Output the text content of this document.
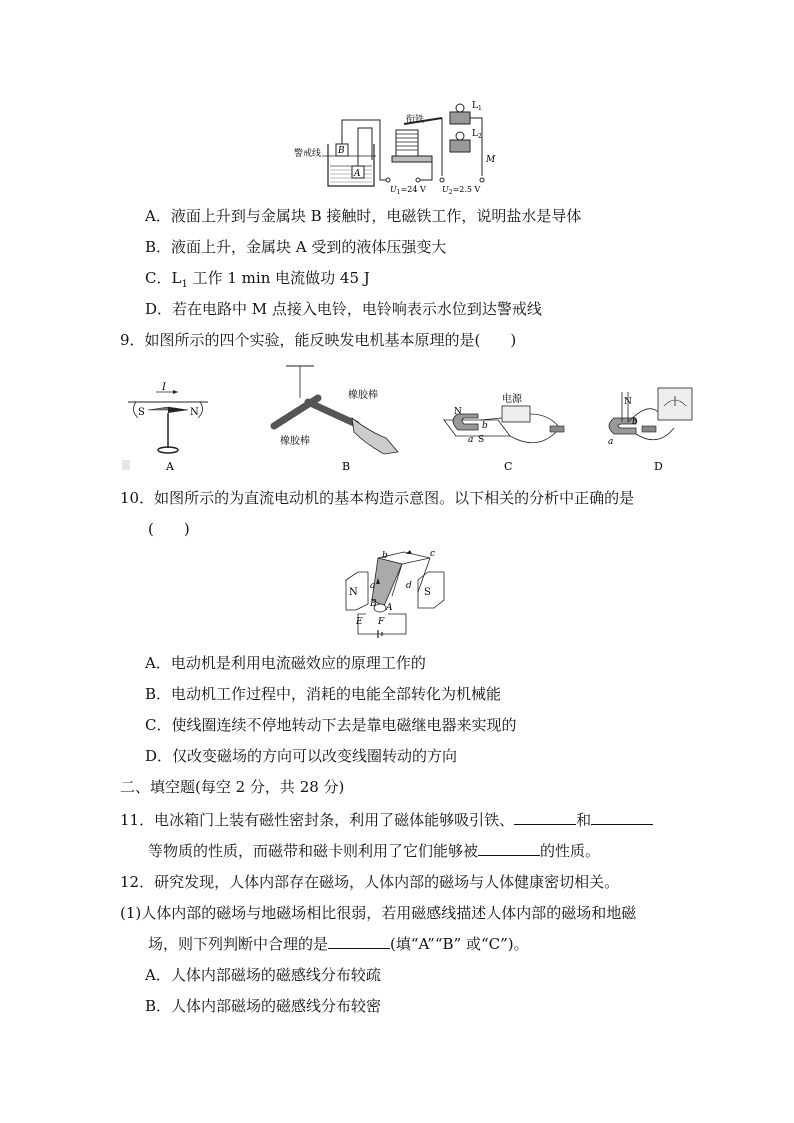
警戒线 B
A
衔铁
$L_1$
$L_2$
M
$U_1=24$ V $U_2=2.5$ V
A．液面上升到与金属块 B 接触时，电磁铁工作，说明盐水是导体
B．液面上升，金属块 A 受到的液体压强变大
C．$L_1$ 工作 1 min 电流做功 45 J
D．若在电路中 M 点接入电铃，电铃响表示水位到达警戒线
9．如图所示的四个实验，能反映发电机基本原理的是(　　)
I
S	N
A
橡胶棒
橡胶棒
B
电源
N
b
a S
C
N
b
a
D
10．如图所示的为直流电动机的基本构造示意图。以下相关的分析中正确的是
(　　)
N	S
a
b	c
d
A
B
E F
A．电动机是利用电流磁效应的原理工作的
B．电动机工作过程中，消耗的电能全部转化为机械能
C．使线圈连续不停地转动下去是靠电磁继电器来实现的
D．仅改变磁场的方向可以改变线圈转动的方向
二、填空题(每空 2 分，共 28 分)
11．电冰箱门上装有磁性密封条，利用了磁体能够吸引铁、	和
等物质的性质，而磁带和磁卡则利用了它们能够被	的性质。
12．研究发现，人体内部存在磁场，人体内部的磁场与人体健康密切相关。
(1)人体内部的磁场与地磁场相比很弱，若用磁感线描述人体内部的磁场和地磁
场，则下列判断中合理的是	(填“A”“B” 或“C”)。
A．人体内部磁场的磁感线分布较疏
B．人体内部磁场的磁感线分布较密
